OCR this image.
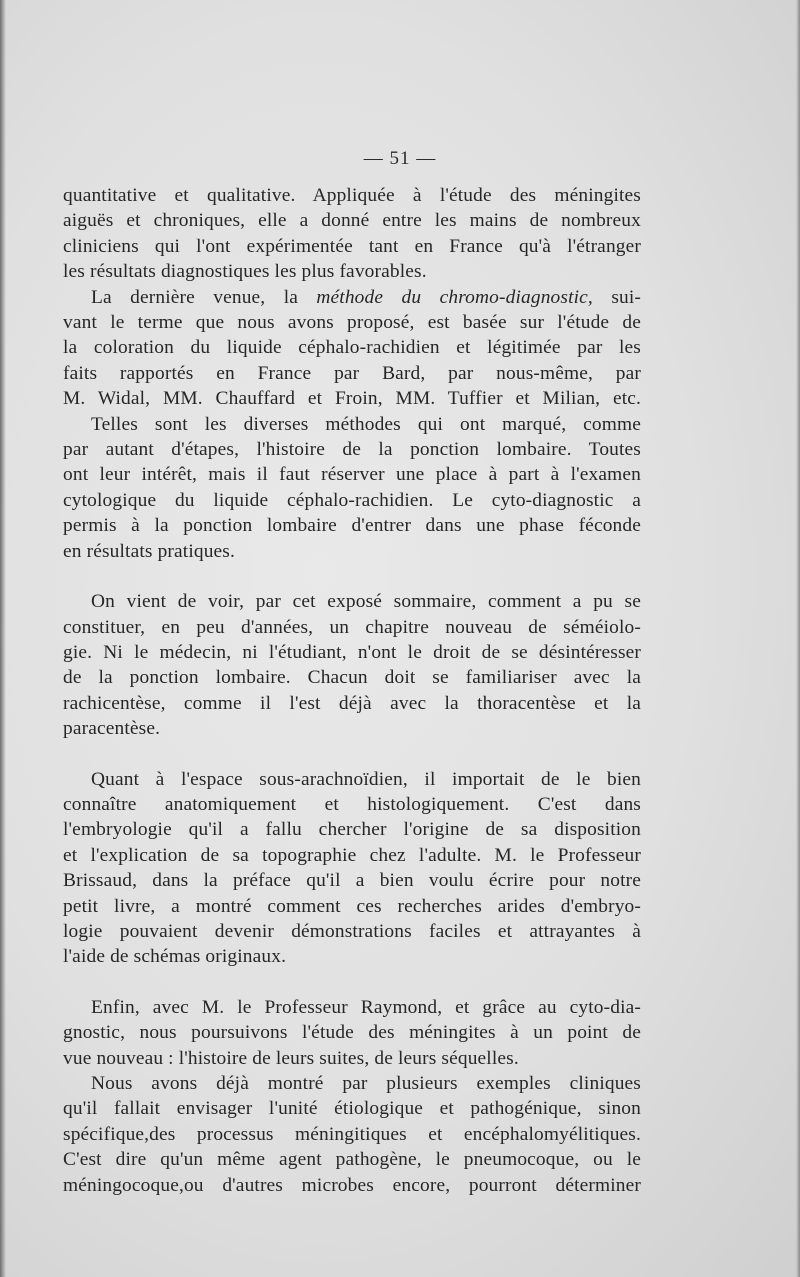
— 51 —

quantitative et qualitative. Appliquée à l'étude des méningites
aiguës et chroniques, elle a donné entre les mains de nombreux
cliniciens qui l'ont expérimentée tant en France qu'à l'étranger
les résultats diagnostiques les plus favorables.

La dernière venue, la méthode du chromo-diagnostic, sui-
vant le terme que nous avons proposé, est basée sur l'étude de
la coloration du liquide céphalo-rachidien et légitimée par les
faits rapportés en France par Bard, par nous-même, par
M. Widal, MM. Chauffard et Froin, MM. Tuffier et Milian, etc.

Telles sont les diverses méthodes qui ont marqué, comme
par autant d'étapes, l'histoire de la ponction lombaire. Toutes
ont leur intérêt, mais il faut réserver une place à part à l'examen
cytologique du liquide céphalo-rachidien. Le cyto-diagnostic a
permis à la ponction lombaire d'entrer dans une phase féconde
en résultats pratiques.

On vient de voir, par cet exposé sommaire, comment a pu se
constituer, en peu d'années, un chapitre nouveau de séméiolo-
gie. Ni le médecin, ni l'étudiant, n'ont le droit de se désintéresser
de la ponction lombaire. Chacun doit se familiariser avec la
rachicentèse, comme il l'est déjà avec la thoracentèse et la
paracentèse.

Quant à l'espace sous-arachnoïdien, il importait de le bien
connaître anatomiquement et histologiquement. C'est dans
l'embryologie qu'il a fallu chercher l'origine de sa disposition
et l'explication de sa topographie chez l'adulte. M. le Professeur
Brissaud, dans la préface qu'il a bien voulu écrire pour notre
petit livre, a montré comment ces recherches arides d'embryo-
logie pouvaient devenir démonstrations faciles et attrayantes à
l'aide de schémas originaux.

Enfin, avec M. le Professeur Raymond, et grâce au cyto-dia-
gnostic, nous poursuivons l'étude des méningites à un point de
vue nouveau : l'histoire de leurs suites, de leurs séquelles.

Nous avons déjà montré par plusieurs exemples cliniques
qu'il fallait envisager l'unité étiologique et pathogénique, sinon
spécifique,des processus méningitiques et encéphalomyélitiques.
C'est dire qu'un même agent pathogène, le pneumocoque, ou le
méningocoque,ou d'autres microbes encore, pourront déterminer
